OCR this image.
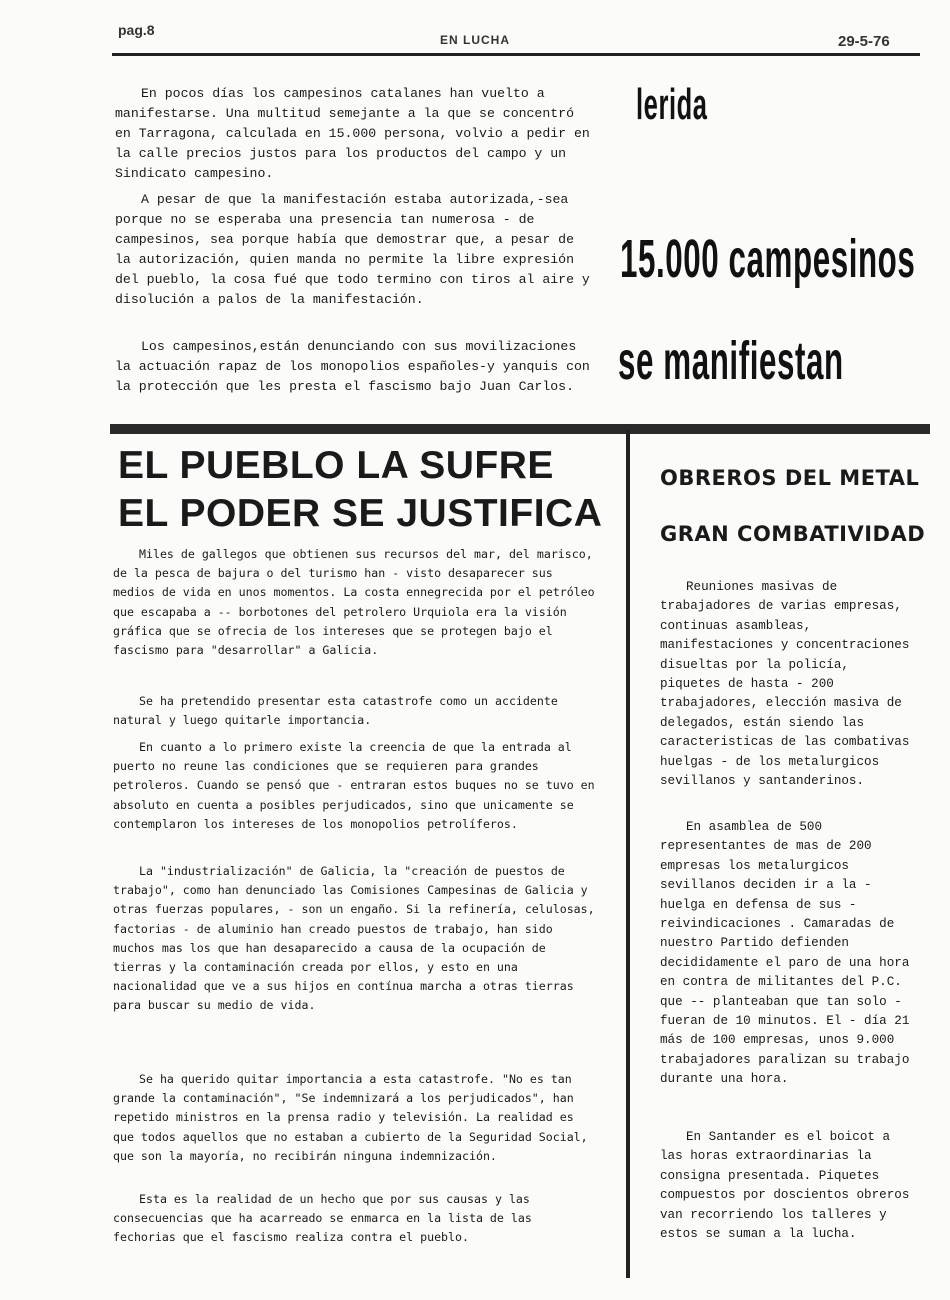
pag.8
EN LUCHA	29-5-76

En pocos días los campesinos catalanes han vuelto a manifestarse. Una multitud semejante a la que se concentró en Tarragona, calculada en 15.000 persona, volvio a pedir en la calle precios justos para los productos del campo y un Sindicato campesino.

A pesar de que la manifestación estaba autorizada,-sea porque no se esperaba una presencia tan numerosa - de campesinos, sea porque había que demostrar que, a pesar de la autorización, quien manda no permite la libre expresión del pueblo, la cosa fué que todo termino con tiros al aire y disolución a palos de la manifestación.

Los campesinos,están denunciando con sus movilizaciones la actuación rapaz de los monopolios españoles-y yanquis con la protección que les presta el fascismo bajo Juan Carlos.

lerida
15.000 campesinos
se manifiestan
EL PUEBLO LA SUFRE
EL PODER SE JUSTIFICA

Miles de gallegos que obtienen sus recursos del mar, del marisco, de la pesca de bajura o del turismo han - visto desaparecer sus medios de vida en unos momentos. La costa ennegrecida por el petróleo que escapaba a -- borbotones del petrolero Urquiola era la visión gráfica que se ofrecia de los intereses que se protegen bajo el fascismo para "desarrollar" a Galicia.

Se ha pretendido presentar esta catastrofe como un accidente natural y luego quitarle importancia.

En cuanto a lo primero existe la creencia de que la entrada al puerto no reune las condiciones que se requieren para grandes petroleros. Cuando se pensó que - entraran estos buques no se tuvo en absoluto en cuenta a posibles perjudicados, sino que unicamente se contemplaron los intereses de los monopolios petrolíferos.

La "industrialización" de Galicia, la "creación de puestos de trabajo", como han denunciado las Comisiones Campesinas de Galicia y otras fuerzas populares, - son un engaño. Si la refinería, celulosas, factorias - de aluminio han creado puestos de trabajo, han sido muchos mas los que han desaparecido a causa de la ocupación de tierras y la contaminación creada por ellos, y esto en una nacionalidad que ve a sus hijos en contínua marcha a otras tierras para buscar su medio de vida.

Se ha querido quitar importancia a esta catastrofe. "No es tan grande la contaminación", "Se indemnizará a los perjudicados", han repetido ministros en la prensa radio y televisión. La realidad es que todos aquellos que no estaban a cubierto de la Seguridad Social, que son la mayoría, no recibirán ninguna indemnización.

Esta es la realidad de un hecho que por sus causas y las consecuencias que ha acarreado se enmarca en la lista de las fechorias que el fascismo realiza contra el pueblo.

OBREROS DEL METAL
GRAN COMBATIVIDAD

Reuniones masivas de trabajadores de varias empresas, continuas asambleas, manifestaciones y concentraciones disueltas por la policía, piquetes de hasta - 200 trabajadores, elección masiva de delegados, están siendo las caracteristicas de las combativas huelgas - de los metalurgicos sevillanos y santanderinos.

En asamblea de 500 representantes de mas de 200 empresas los metalurgicos sevillanos deciden ir a la - huelga en defensa de sus - reivindicaciones . Camaradas de nuestro Partido defienden decididamente el paro de una hora en contra de militantes del P.C. que -- planteaban que tan solo - fueran de 10 minutos. El - día 21 más de 100 empresas, unos 9.000 trabajadores paralizan su trabajo durante una hora.

En Santander es el boicot a las horas extraordinarias la consigna presentada. Piquetes compuestos por doscientos obreros van recorriendo los talleres y estos se suman a la lucha.
